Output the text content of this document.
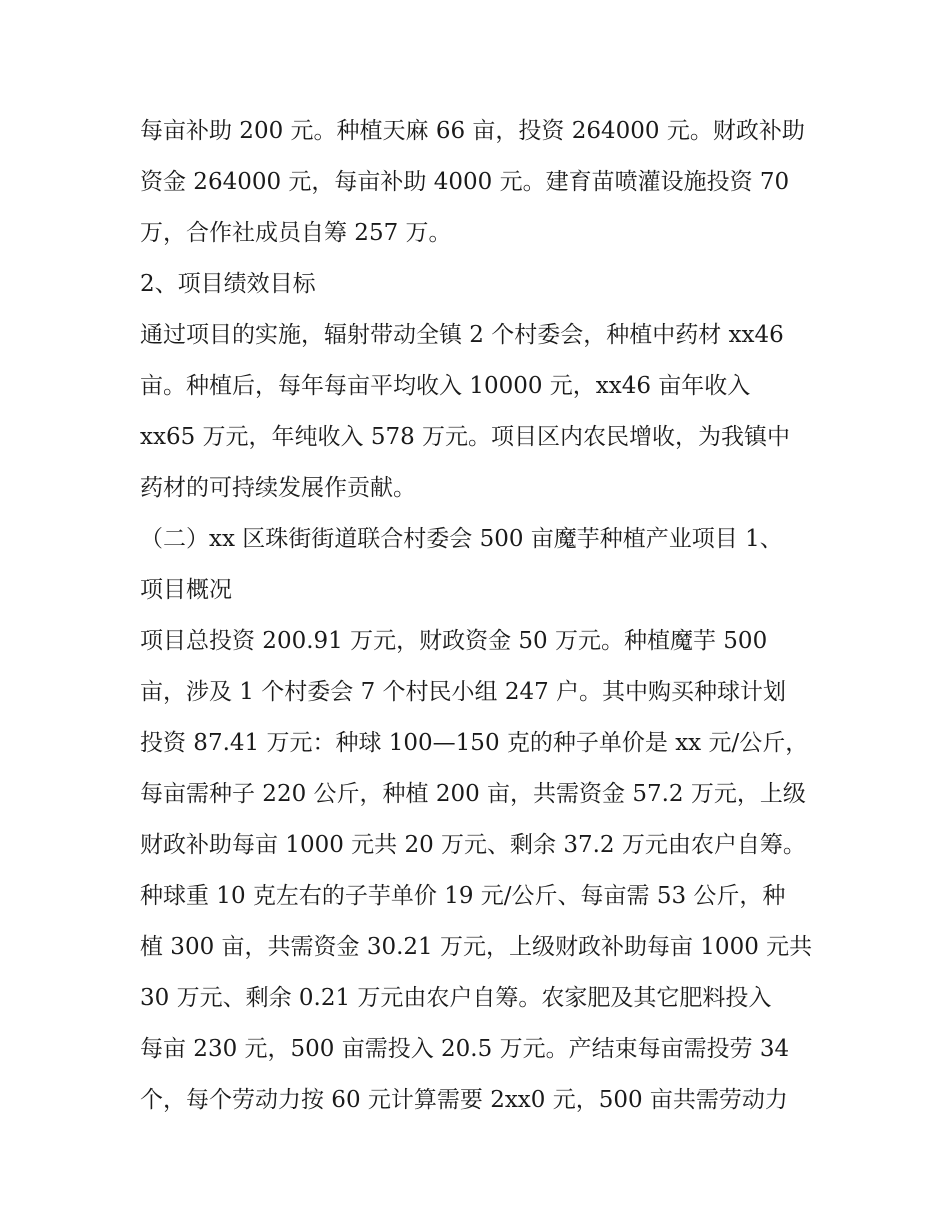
每亩补助 200 元。种植天麻 66 亩，投资 264000 元。财政补助
资金 264000 元，每亩补助 4000 元。建育苗喷灌设施投资 70
万，合作社成员自筹 257 万。
2、项目绩效目标
通过项目的实施，辐射带动全镇 2 个村委会，种植中药材 xx46
亩。种植后，每年每亩平均收入 10000 元，xx46 亩年收入
xx65 万元，年纯收入 578 万元。项目区内农民增收，为我镇中
药材的可持续发展作贡献。
（二）xx 区珠街街道联合村委会 500 亩魔芋种植产业项目 1、
项目概况
项目总投资 200.91 万元，财政资金 50 万元。种植魔芋 500
亩，涉及 1 个村委会 7 个村民小组 247 户。其中购买种球计划
投资 87.41 万元：种球 100—150 克的种子单价是 xx 元/公斤，
每亩需种子 220 公斤，种植 200 亩，共需资金 57.2 万元，上级
财政补助每亩 1000 元共 20 万元、剩余 37.2 万元由农户自筹。
种球重 10 克左右的子芋单价 19 元/公斤、每亩需 53 公斤，种
植 300 亩，共需资金 30.21 万元，上级财政补助每亩 1000 元共
30 万元、剩余 0.21 万元由农户自筹。农家肥及其它肥料投入
每亩 230 元，500 亩需投入 20.5 万元。产结束每亩需投劳 34
个，每个劳动力按 60 元计算需要 2xx0 元，500 亩共需劳动力
